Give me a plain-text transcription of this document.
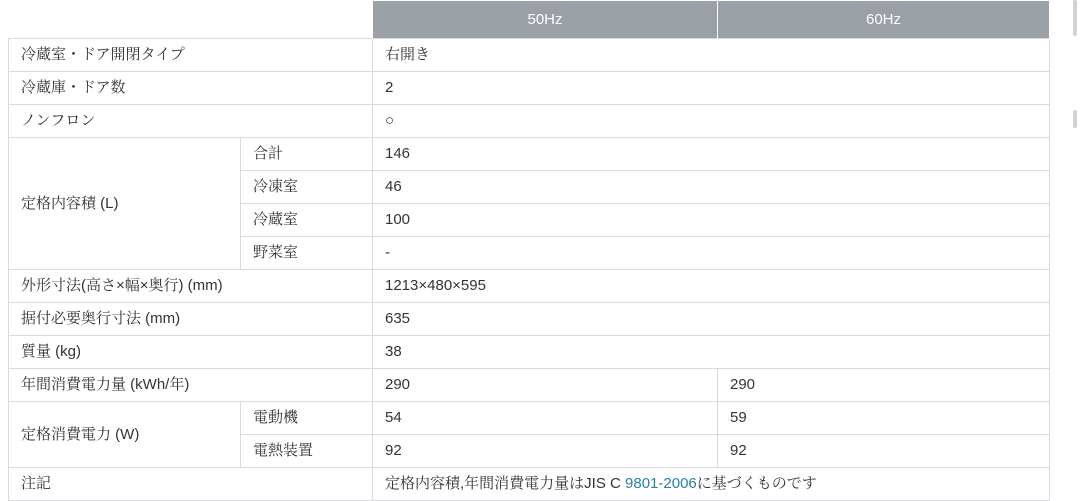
		50Hz	60Hz
冷蔵室・ドア開閉タイプ		右開き	
冷蔵庫・ドア数		2	
ノンフロン		○	
定格内容積 (L)	合計	146	
	冷凍室	46	
	冷蔵室	100	
	野菜室	-	
外形寸法(高さ×幅×奥行) (mm)		1213×480×595	
据付必要奥行寸法 (mm)		635	
質量 (kg)		38	
年間消費電力量 (kWh/年)		290	290
定格消費電力 (W)	電動機	54	59
	電熱装置	92	92
注記		定格内容積,年間消費電力量はJIS C 9801-2006に基づくものです	
